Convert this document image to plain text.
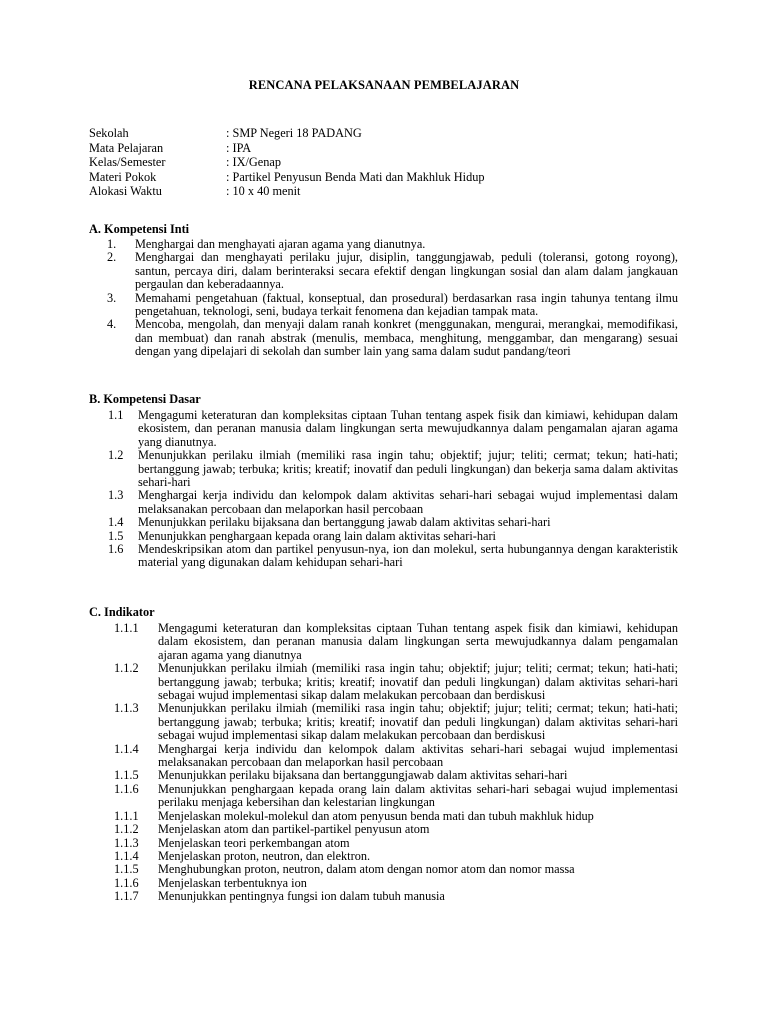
RENCANA PELAKSANAAN PEMBELAJARAN
Sekolah	: SMP Negeri 18 PADANG
Mata Pelajaran	: IPA
Kelas/Semester	: IX/Genap
Materi Pokok	: Partikel Penyusun Benda Mati dan Makhluk Hidup
Alokasi Waktu	: 10 x 40 menit
A. Kompetensi Inti
1. Menghargai dan menghayati ajaran agama yang dianutnya.
2. Menghargai dan menghayati perilaku jujur, disiplin, tanggungjawab, peduli (toleransi, gotong royong), santun, percaya diri, dalam berinteraksi secara efektif dengan lingkungan sosial dan alam dalam jangkauan pergaulan dan keberadaannya.
3. Memahami pengetahuan (faktual, konseptual, dan prosedural) berdasarkan rasa ingin tahunya tentang ilmu pengetahuan, teknologi, seni, budaya terkait fenomena dan kejadian tampak mata.
4. Mencoba, mengolah, dan menyaji dalam ranah konkret (menggunakan, mengurai, merangkai, memodifikasi, dan membuat) dan ranah abstrak (menulis, membaca, menghitung, menggambar, dan mengarang) sesuai dengan yang dipelajari di sekolah dan sumber lain yang sama dalam sudut pandang/teori
B. Kompetensi Dasar
1.1 Mengagumi keteraturan dan kompleksitas ciptaan Tuhan tentang aspek fisik dan kimiawi, kehidupan dalam ekosistem, dan peranan manusia dalam lingkungan serta mewujudkannya dalam pengamalan ajaran agama yang dianutnya.
1.2 Menunjukkan perilaku ilmiah (memiliki rasa ingin tahu; objektif; jujur; teliti; cermat; tekun; hati-hati; bertanggung jawab; terbuka; kritis; kreatif; inovatif dan peduli lingkungan) dan bekerja sama dalam aktivitas sehari-hari
1.3 Menghargai kerja individu dan kelompok dalam aktivitas sehari-hari sebagai wujud implementasi dalam melaksanakan percobaan dan melaporkan hasil percobaan
1.4 Menunjukkan perilaku bijaksana dan bertanggung jawab dalam aktivitas sehari-hari
1.5 Menunjukkan penghargaan kepada orang lain dalam aktivitas sehari-hari
1.6 Mendeskripsikan atom dan partikel penyusun-nya, ion dan molekul, serta hubungannya dengan karakteristik material yang digunakan dalam kehidupan sehari-hari
C. Indikator
1.1.1 Mengagumi keteraturan dan kompleksitas ciptaan Tuhan tentang aspek fisik dan kimiawi, kehidupan dalam ekosistem, dan peranan manusia dalam lingkungan serta mewujudkannya dalam pengamalan ajaran agama yang dianutnya
1.1.2 Menunjukkan perilaku ilmiah (memiliki rasa ingin tahu; objektif; jujur; teliti; cermat; tekun; hati-hati; bertanggung jawab; terbuka; kritis; kreatif; inovatif dan peduli lingkungan) dalam aktivitas sehari-hari sebagai wujud implementasi sikap dalam melakukan percobaan dan berdiskusi
1.1.3 Menunjukkan perilaku ilmiah (memiliki rasa ingin tahu; objektif; jujur; teliti; cermat; tekun; hati-hati; bertanggung jawab; terbuka; kritis; kreatif; inovatif dan peduli lingkungan) dalam aktivitas sehari-hari sebagai wujud implementasi sikap dalam melakukan percobaan dan berdiskusi
1.1.4 Menghargai kerja individu dan kelompok dalam aktivitas sehari-hari sebagai wujud implementasi melaksanakan percobaan dan melaporkan hasil percobaan
1.1.5 Menunjukkan perilaku bijaksana dan bertanggungjawab dalam aktivitas sehari-hari
1.1.6 Menunjukkan penghargaan kepada orang lain dalam aktivitas sehari-hari sebagai wujud implementasi perilaku menjaga kebersihan dan kelestarian lingkungan
1.1.1 Menjelaskan molekul-molekul dan atom penyusun benda mati dan tubuh makhluk hidup
1.1.2 Menjelaskan atom dan partikel-partikel penyusun atom
1.1.3 Menjelaskan teori perkembangan atom
1.1.4 Menjelaskan proton, neutron, dan elektron.
1.1.5 Menghubungkan proton, neutron, dalam atom dengan nomor atom dan nomor massa
1.1.6 Menjelaskan terbentuknya ion
1.1.7 Menunjukkan pentingnya fungsi ion dalam tubuh manusia
